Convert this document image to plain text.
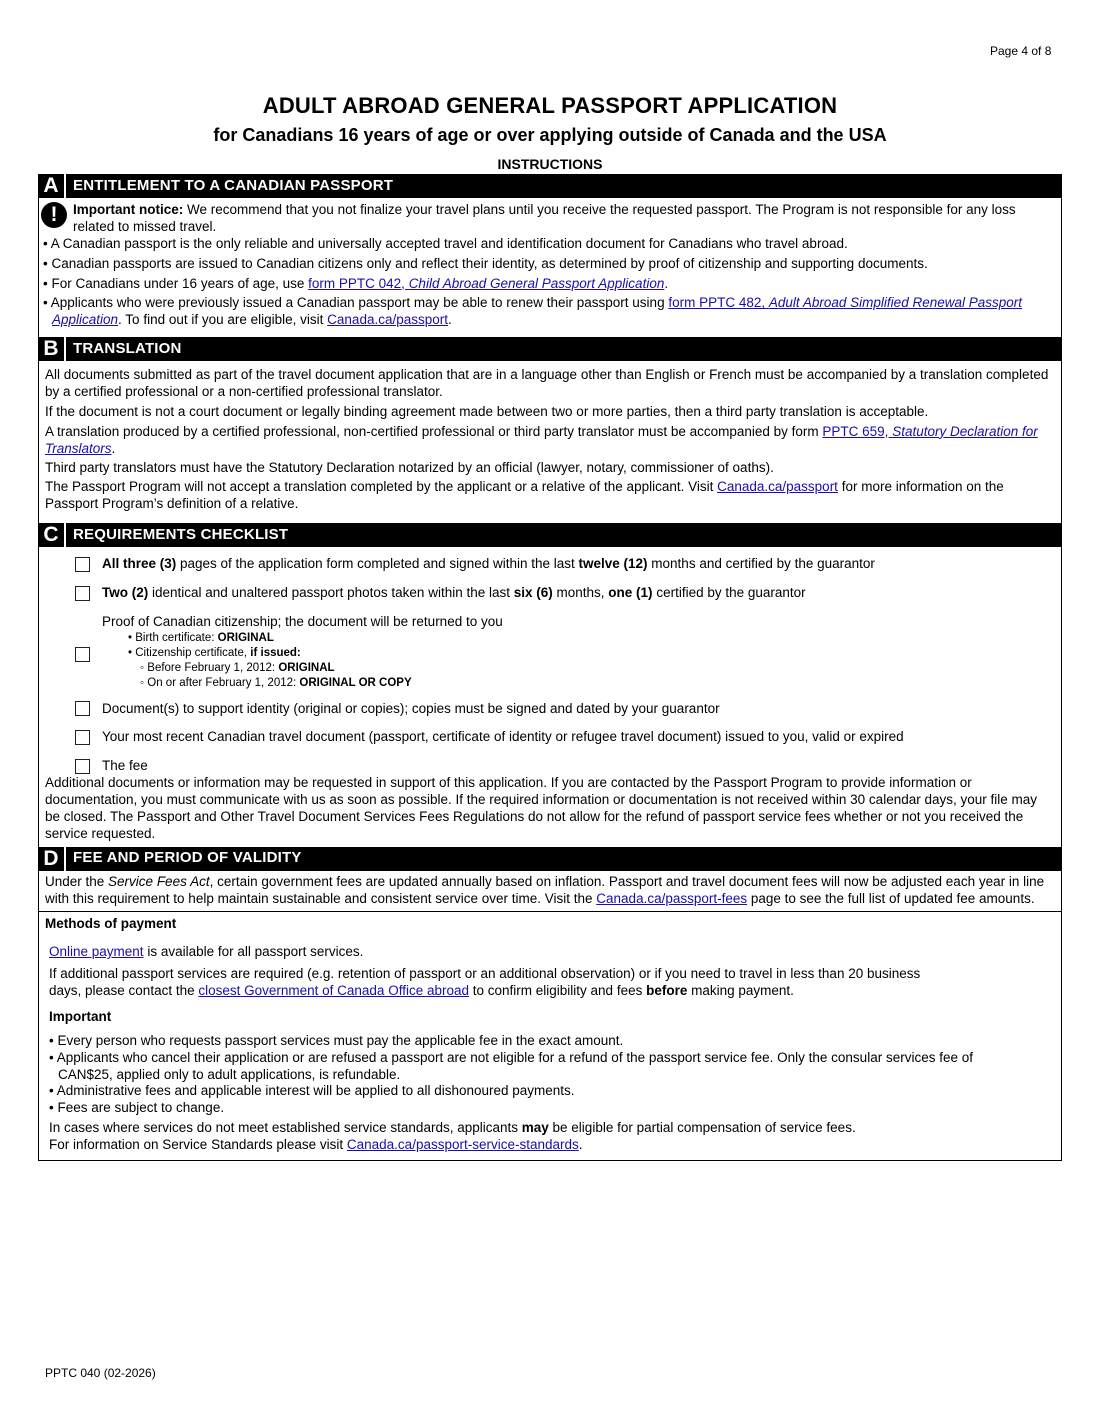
Page 4 of 8
ADULT ABROAD GENERAL PASSPORT APPLICATION
for Canadians 16 years of age or over applying outside of Canada and the USA
INSTRUCTIONS
A ENTITLEMENT TO A CANADIAN PASSPORT
!	Important notice: We recommend that you not finalize your travel plans until you receive the requested passport. The Program is not responsible for any loss related to missed travel.

• A Canadian passport is the only reliable and universally accepted travel and identification document for Canadians who travel abroad.

• Canadian passports are issued to Canadian citizens only and reflect their identity, as determined by proof of citizenship and supporting documents.

• For Canadians under 16 years of age, use form PPTC 042, Child Abroad General Passport Application.

• Applicants who were previously issued a Canadian passport may be able to renew their passport using form PPTC 482, Adult Abroad Simplified Renewal Passport Application. To find out if you are eligible, visit Canada.ca/passport.

B TRANSLATION

All documents submitted as part of the travel document application that are in a language other than English or French must be accompanied by a translation completed by a certified professional or a non-certified professional translator.

If the document is not a court document or legally binding agreement made between two or more parties, then a third party translation is acceptable.

A translation produced by a certified professional, non-certified professional or third party translator must be accompanied by form PPTC 659, Statutory Declaration for Translators.

Third party translators must have the Statutory Declaration notarized by an official (lawyer, notary, commissioner of oaths).

The Passport Program will not accept a translation completed by the applicant or a relative of the applicant. Visit Canada.ca/passport for more information on the Passport Program’s definition of a relative.

C REQUIREMENTS CHECKLIST
All three (3) pages of the application form completed and signed within the last twelve (12) months and certified by the guarantor
Two (2) identical and unaltered passport photos taken within the last six (6) months, one (1) certified by the guarantor
Proof of Canadian citizenship; the document will be returned to you
• Birth certificate: ORIGINAL
• Citizenship certificate, if issued:
◦ Before February 1, 2012: ORIGINAL
◦ On or after February 1, 2012: ORIGINAL OR COPY
Document(s) to support identity (original or copies); copies must be signed and dated by your guarantor
Your most recent Canadian travel document (passport, certificate of identity or refugee travel document) issued to you, valid or expired
The fee

Additional documents or information may be requested in support of this application. If you are contacted by the Passport Program to provide information or documentation, you must communicate with us as soon as possible. If the required information or documentation is not received within 30 calendar days, your file may be closed. The Passport and Other Travel Document Services Fees Regulations do not allow for the refund of passport service fees whether or not you received the service requested.

D FEE AND PERIOD OF VALIDITY

Under the Service Fees Act, certain government fees are updated annually based on inflation. Passport and travel document fees will now be adjusted each year in line with this requirement to help maintain sustainable and consistent service over time. Visit the Canada.ca/passport-fees page to see the full list of updated fee amounts.

Methods of payment

Online payment is available for all passport services.

If additional passport services are required (e.g. retention of passport or an additional observation) or if you need to travel in less than 20 business days, please contact the closest Government of Canada Office abroad to confirm eligibility and fees before making payment.

Important

• Every person who requests passport services must pay the applicable fee in the exact amount.

• Applicants who cancel their application or are refused a passport are not eligible for a refund of the passport service fee. Only the consular services fee of CAN$25, applied only to adult applications, is refundable.

• Administrative fees and applicable interest will be applied to all dishonoured payments.

• Fees are subject to change.

In cases where services do not meet established service standards, applicants may be eligible for partial compensation of service fees.

For information on Service Standards please visit Canada.ca/passport-service-standards.

PPTC 040 (02-2026)
